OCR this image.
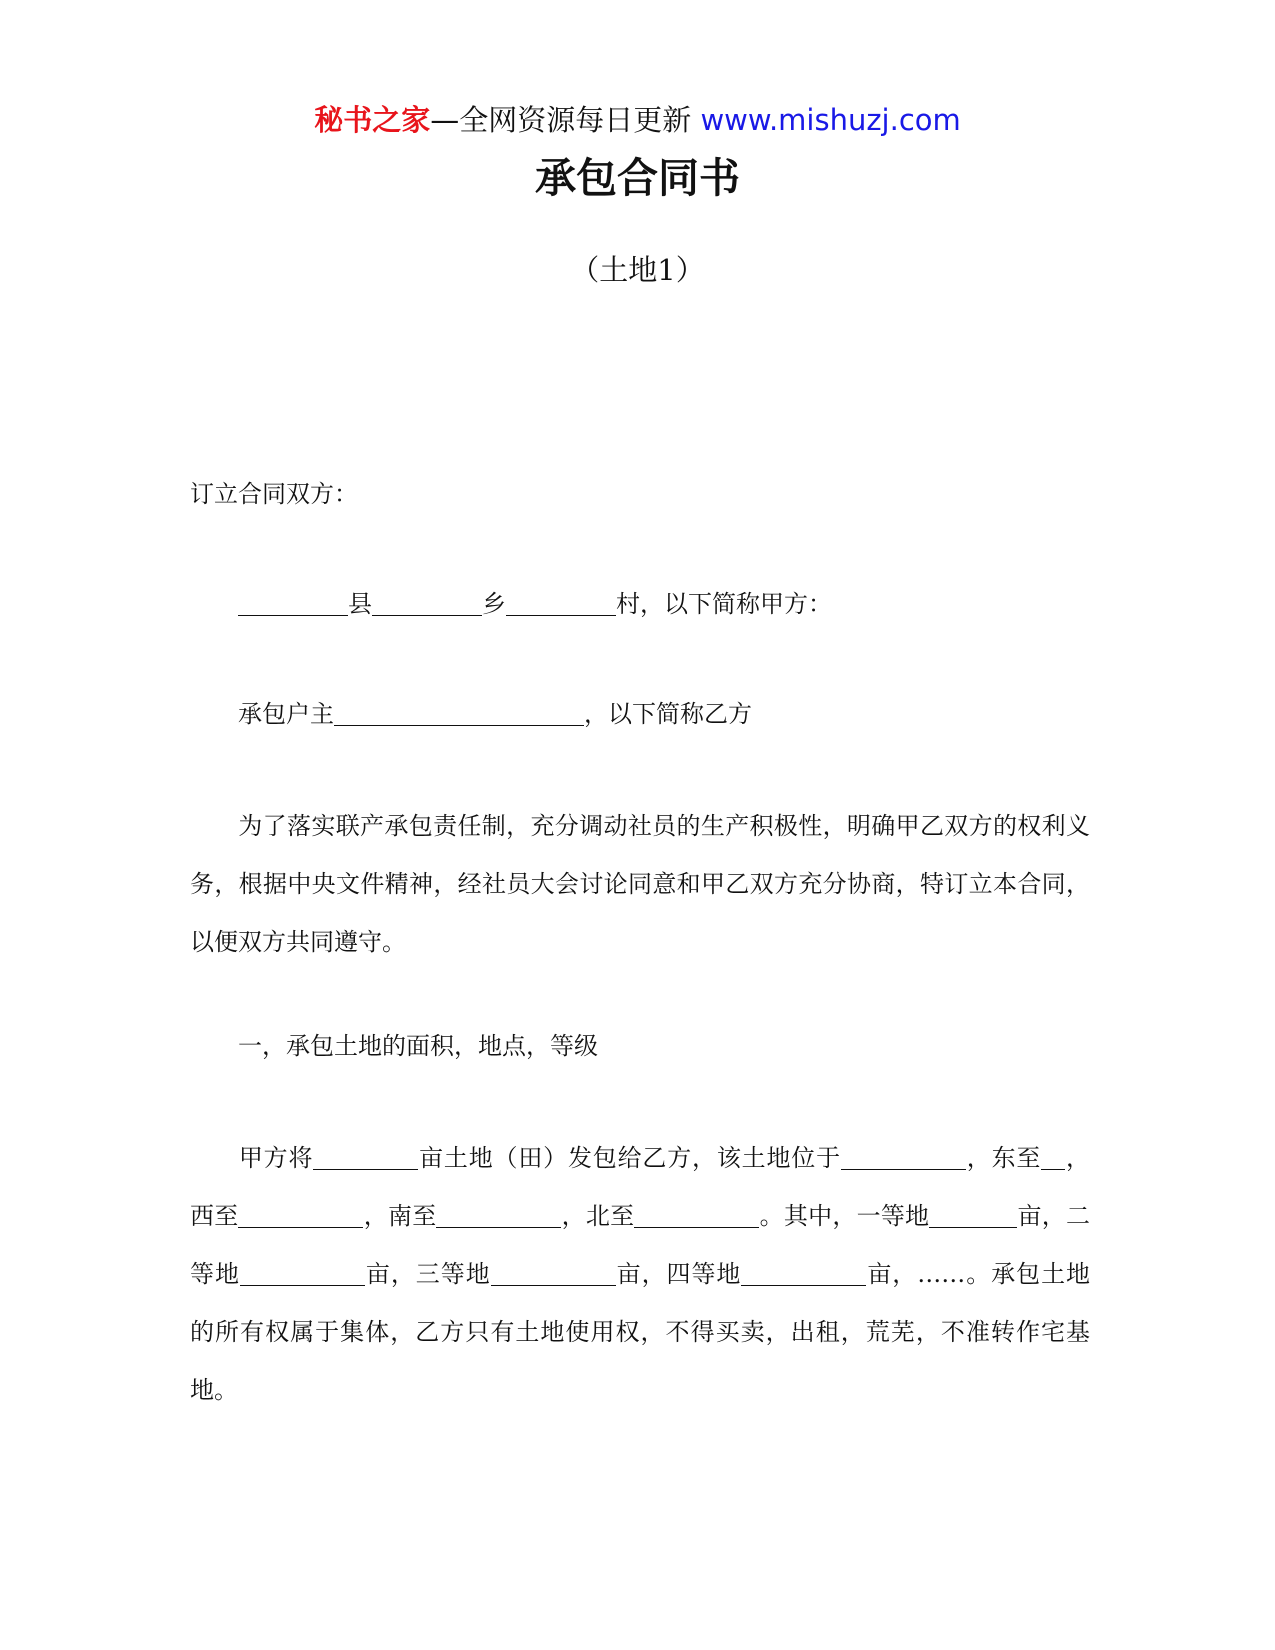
秘书之家—全网资源每日更新 www.mishuzj.com
承包合同书
（土地1）
订立合同双方：
县	乡	村，以下简称甲方：
承包户主	，以下简称乙方
为了落实联产承包责任制，充分调动社员的生产积极性，明确甲乙双方的权利义务，根据中央文件精神，经社员大会讨论同意和甲乙双方充分协商，特订立本合同，以便双方共同遵守。
一，承包土地的面积，地点，等级
甲方将	亩土地（田）发包给乙方，该土地位于	，东至 ，西至	，南至	，北至	。其中，一等地	亩，二等地	亩，三等地	亩，四等地	亩，……。承包土地的所有权属于集体，乙方只有土地使用权，不得买卖，出租，荒芜，不准转作宅基地。
